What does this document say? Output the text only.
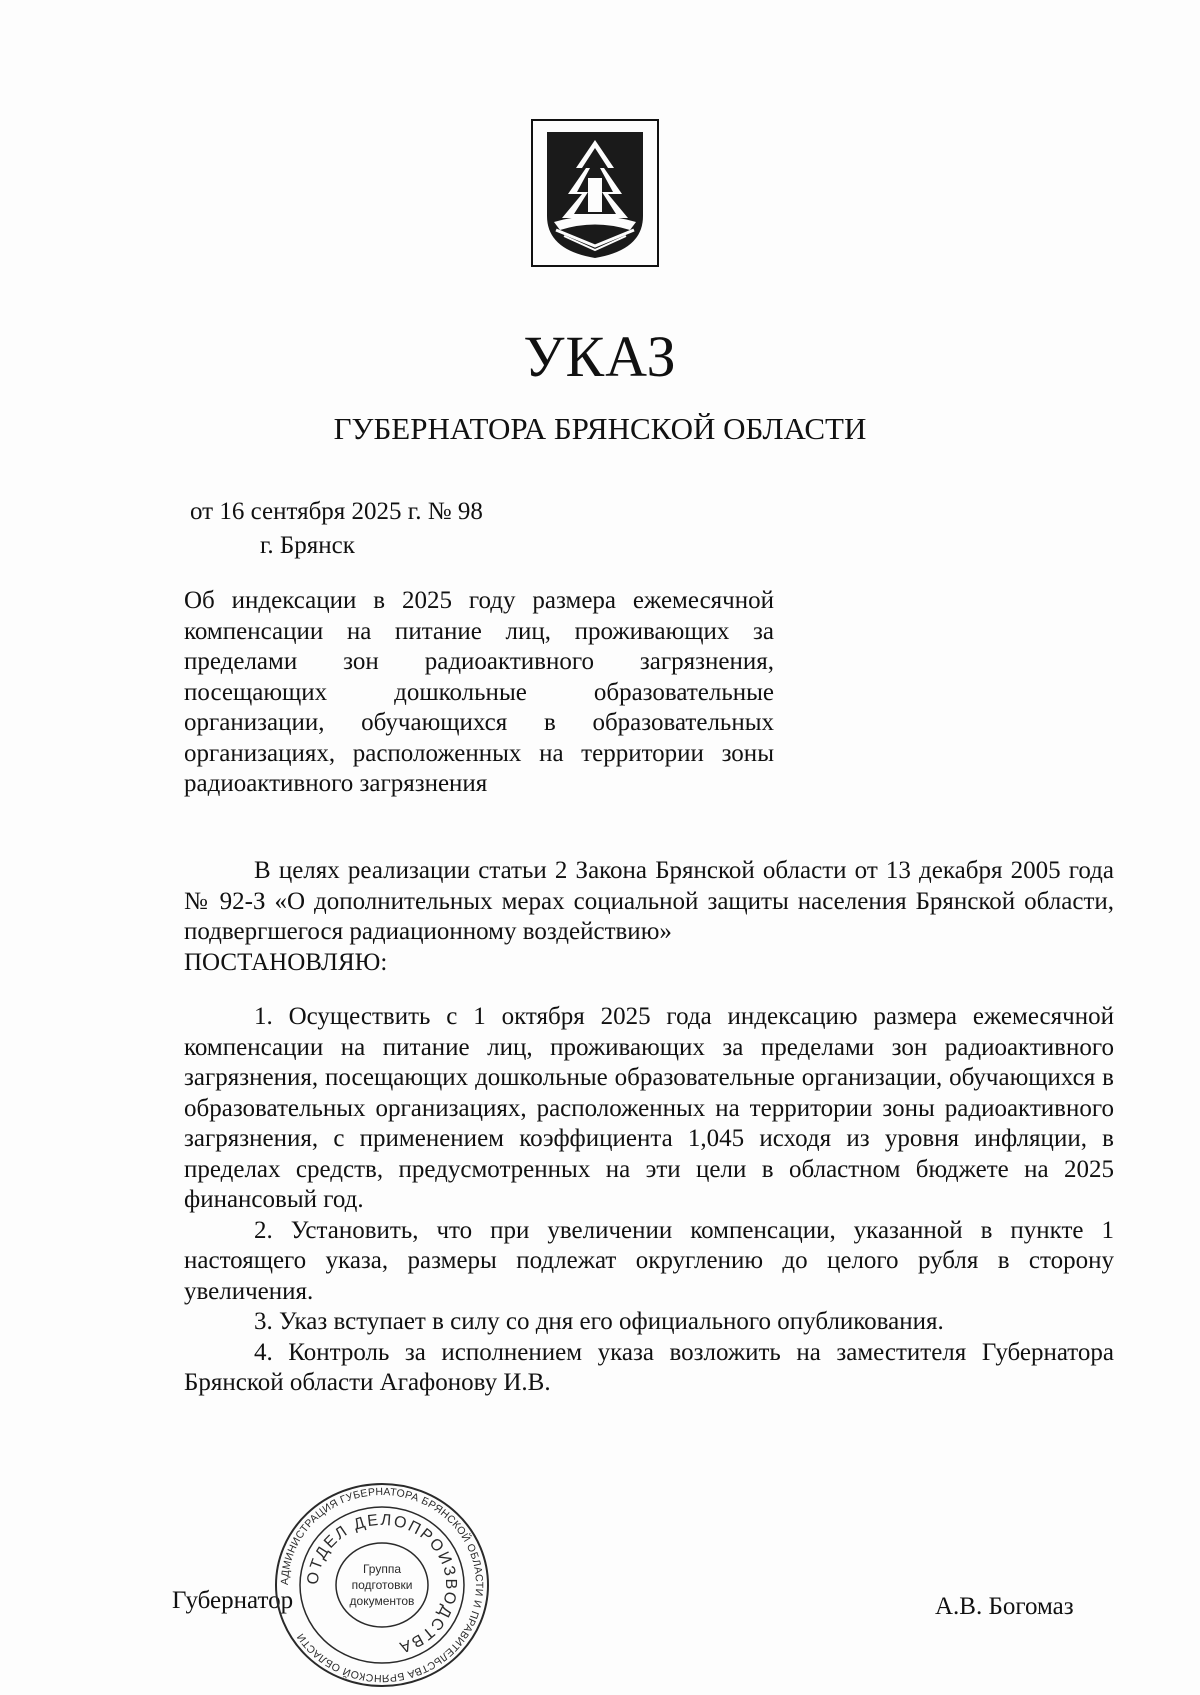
УКАЗ
ГУБЕРНАТОРА БРЯНСКОЙ ОБЛАСТИ
от 16 сентября 2025 г. № 98
г. Брянск
Об индексации в 2025 году размера ежемесячной компенсации на питание лиц, проживающих за пределами зон радиоактивного загрязнения, посещающих дошкольные образовательные организации, обучающихся в образовательных организациях, расположенных на территории зоны радиоактивного загрязнения

В целях реализации статьи 2 Закона Брянской области от 13 декабря 2005 года № 92-З «О дополнительных мерах социальной защиты населения Брянской области, подвергшегося радиационному воздействию»

ПОСТАНОВЛЯЮ:

1. Осуществить с 1 октября 2025 года индексацию размера ежемесячной компенсации на питание лиц, проживающих за пределами зон радиоактивного загрязнения, посещающих дошкольные образовательные организации, обучающихся в образовательных организациях, расположенных на территории зоны радиоактивного загрязнения, с применением коэффициента 1,045 исходя из уровня инфляции, в пределах средств, предусмотренных на эти цели в областном бюджете на 2025 финансовый год.

2. Установить, что при увеличении компенсации, указанной в пункте 1 настоящего указа, размеры подлежат округлению до целого рубля в сторону увеличения.

3. Указ вступает в силу со дня его официального опубликования.

4. Контроль за исполнением указа возложить на заместителя Губернатора Брянской области Агафонову И.В.

Губернатор	А.В. Богомаз
АДМИНИСТРАЦИЯ ГУБЕРНАТОРА БРЯНСКОЙ ОБЛАСТИ И ПРАВИТЕЛЬСТВА БРЯНСКОЙ ОБЛАСТИ
ОТДЕЛ ДЕЛОПРОИЗВОДСТВА
Группа
подготовки
документов
